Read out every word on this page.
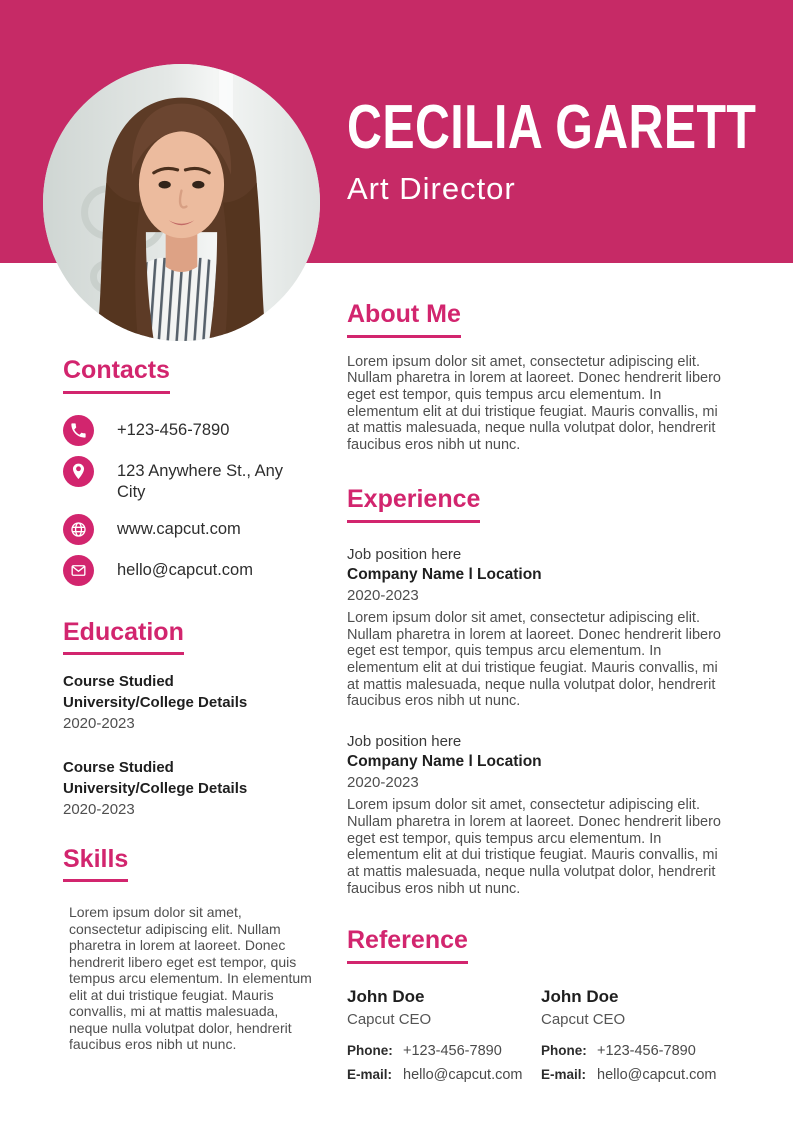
CECILIA GARETT
Art Director
Contacts
+123-456-7890
123 Anywhere St., Any City
www.capcut.com
hello@capcut.com
Education
Course Studied
University/College Details
2020-2023
Course Studied
University/College Details
2020-2023
Skills

Lorem ipsum dolor sit amet, consectetur adipiscing elit. Nullam pharetra in lorem at laoreet. Donec hendrerit libero eget est tempor, quis tempus arcu elementum. In elementum elit at dui tristique feugiat. Mauris convallis, mi at mattis malesuada, neque nulla volutpat dolor, hendrerit faucibus eros nibh ut nunc.

About Me

Lorem ipsum dolor sit amet, consectetur adipiscing elit. Nullam pharetra in lorem at laoreet. Donec hendrerit libero eget est tempor, quis tempus arcu elementum. In elementum elit at dui tristique feugiat. Mauris convallis, mi at mattis malesuada, neque nulla volutpat dolor, hendrerit faucibus eros nibh ut nunc.

Experience
Job position here
Company Name l Location
2020-2023

Lorem ipsum dolor sit amet, consectetur adipiscing elit. Nullam pharetra in lorem at laoreet. Donec hendrerit libero eget est tempor, quis tempus arcu elementum. In elementum elit at dui tristique feugiat. Mauris convallis, mi at mattis malesuada, neque nulla volutpat dolor, hendrerit faucibus eros nibh ut nunc.

Job position here
Company Name l Location
2020-2023

Lorem ipsum dolor sit amet, consectetur adipiscing elit. Nullam pharetra in lorem at laoreet. Donec hendrerit libero eget est tempor, quis tempus arcu elementum. In elementum elit at dui tristique feugiat. Mauris convallis, mi at mattis malesuada, neque nulla volutpat dolor, hendrerit faucibus eros nibh ut nunc.

Reference
John Doe
Capcut CEO
Phone: +123-456-7890
E-mail: hello@capcut.com
John Doe
Capcut CEO
Phone: +123-456-7890
E-mail: hello@capcut.com
